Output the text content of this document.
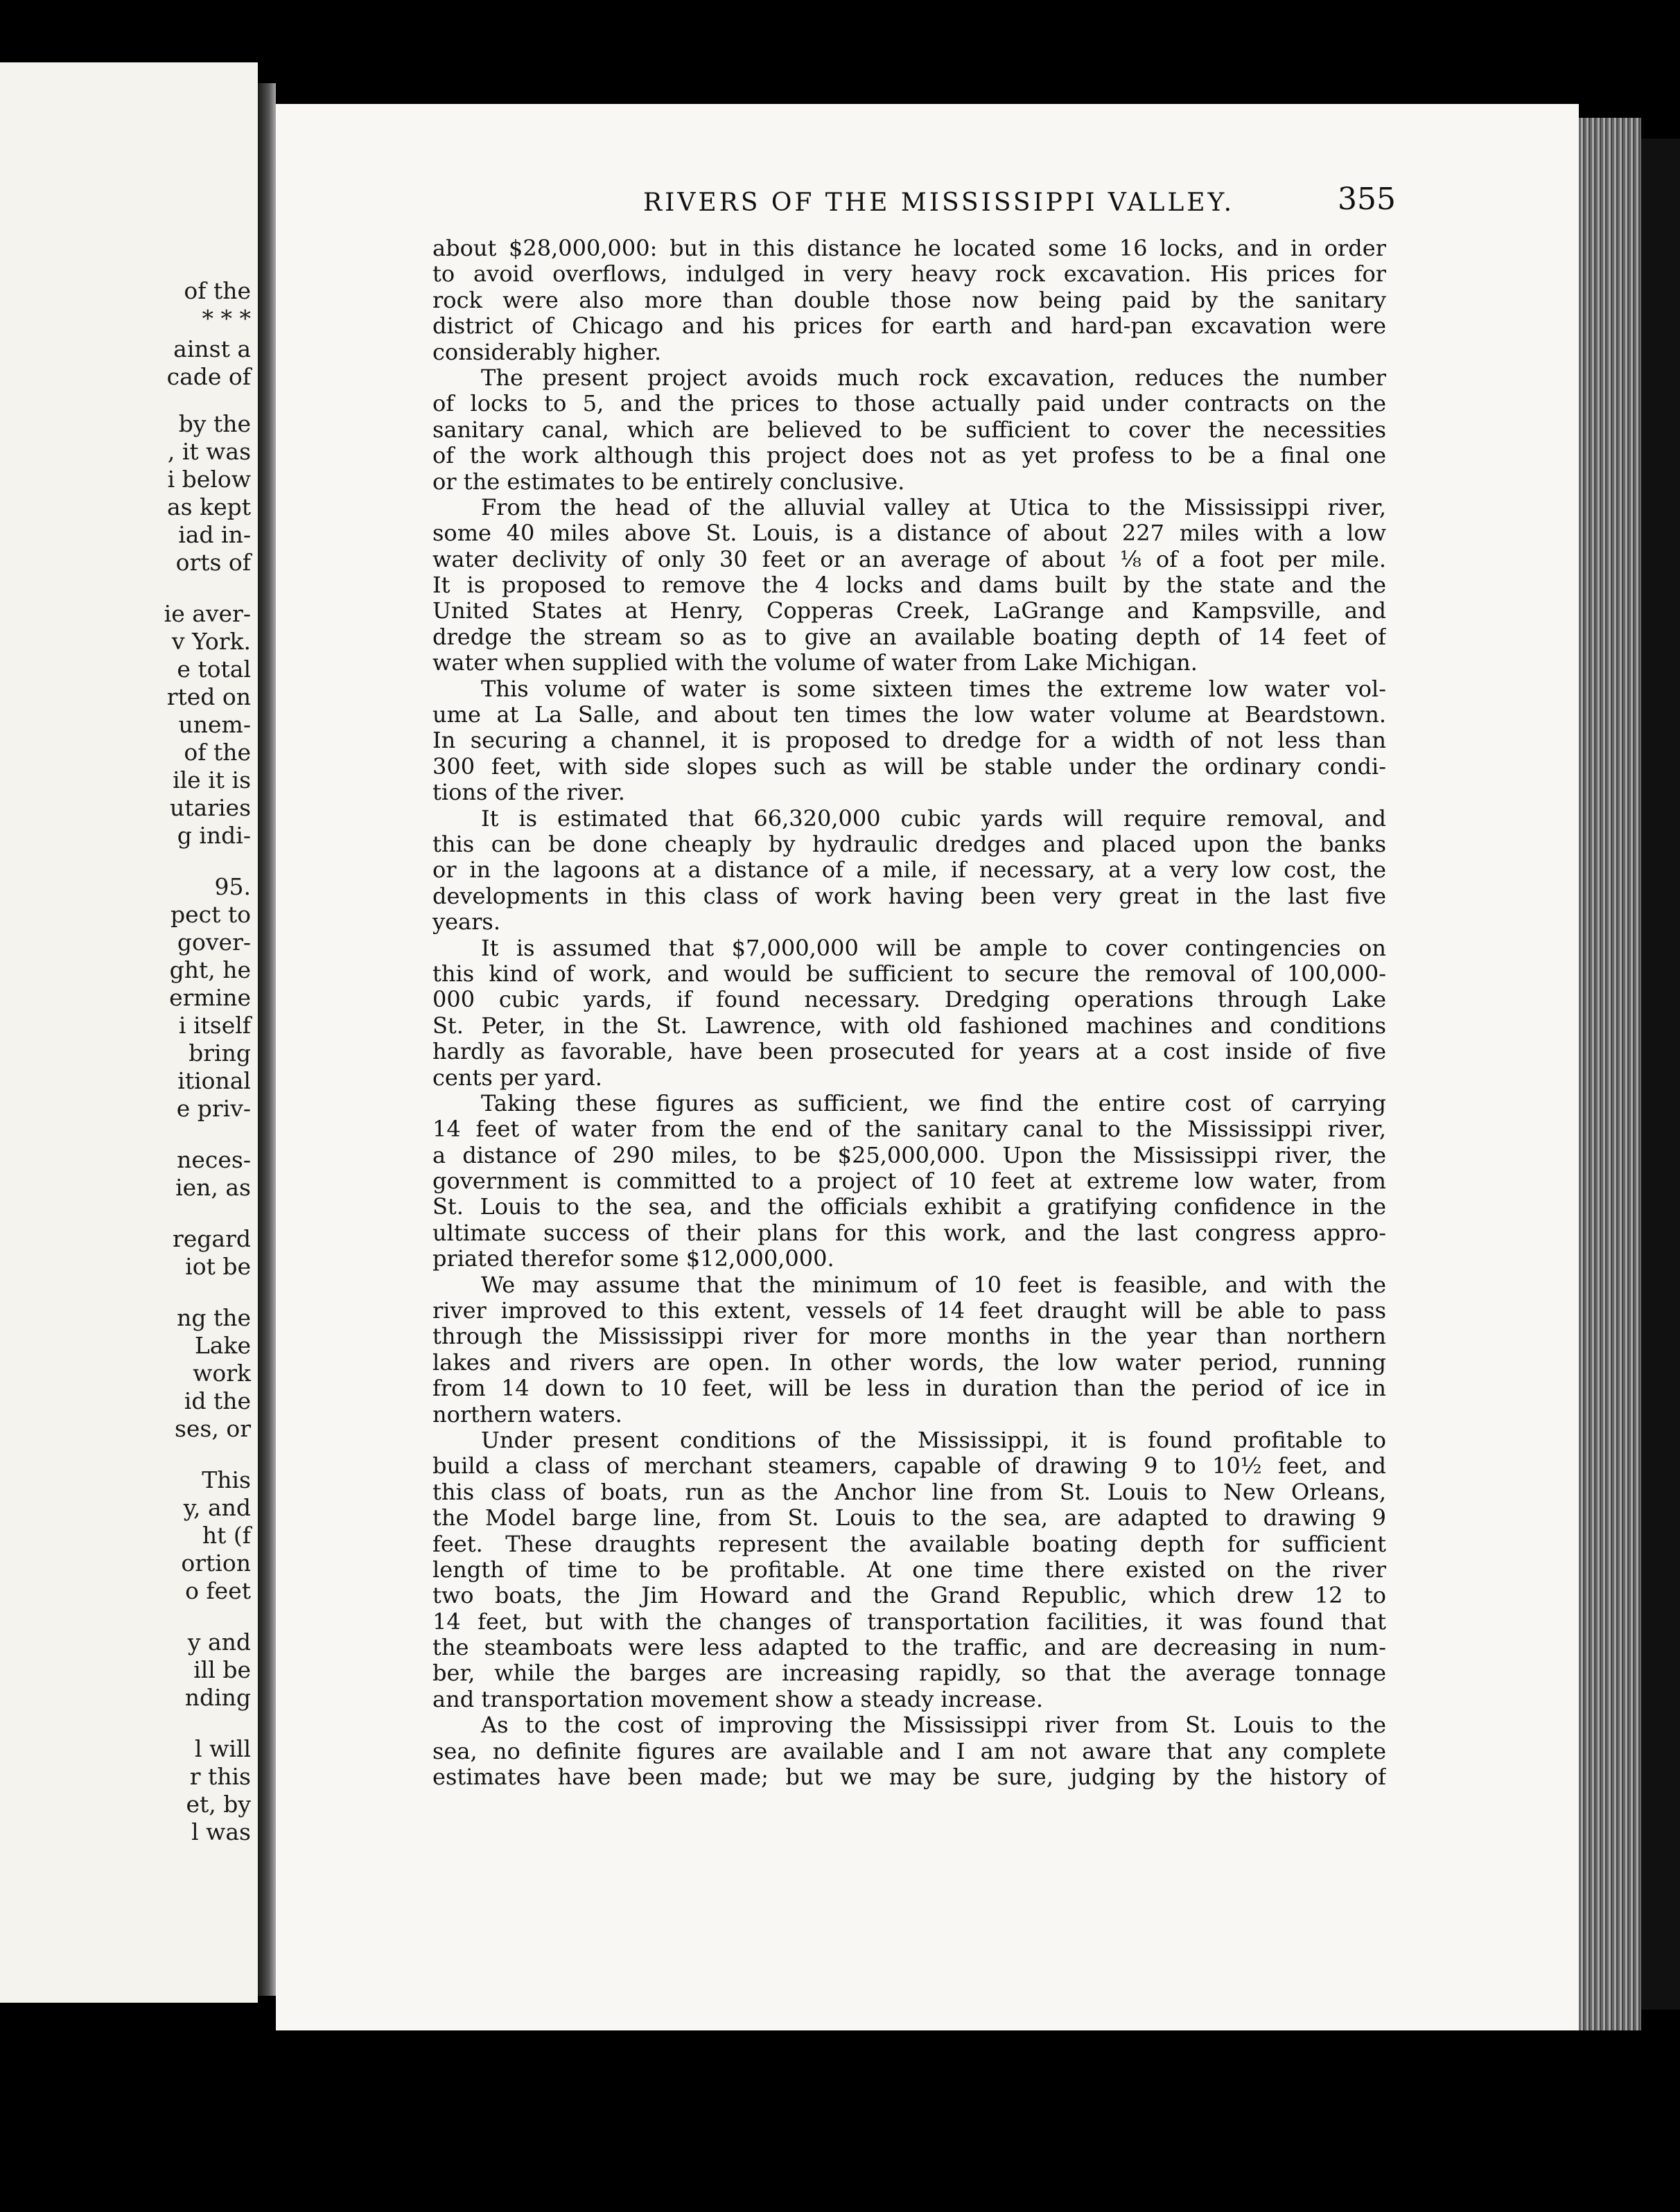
of the
* * *
ainst a
cade of
by the
, it was
i below
as kept
iad in-
orts of
ie aver-
v York.
e total
rted on
unem-
of the
ile it is
utaries
g indi-
95.
pect to
gover-
ght, he
ermine
i itself
bring
itional
e priv-
neces-
ien, as
regard
iot be
ng the
Lake
work
id the
ses, or
This
y, and
ht (f
ortion
o feet
y and
ill be
nding
l will
r this
et, by
l was
RIVERS OF THE MISSISSIPPI VALLEY.	355
about $28,000,000: but in this distance he located some 16 locks, and in order
to avoid overflows, indulged in very heavy rock excavation. His prices for
rock were also more than double those now being paid by the sanitary
district of Chicago and his prices for earth and hard-pan excavation were
considerably higher.
The present project avoids much rock excavation, reduces the number
of locks to 5, and the prices to those actually paid under contracts on the
sanitary canal, which are believed to be sufficient to cover the necessities
of the work although this project does not as yet profess to be a final one
or the estimates to be entirely conclusive.
From the head of the alluvial valley at Utica to the Mississippi river,
some 40 miles above St. Louis, is a distance of about 227 miles with a low
water declivity of only 30 feet or an average of about ⅛ of a foot per mile.
It is proposed to remove the 4 locks and dams built by the state and the
United States at Henry, Copperas Creek, LaGrange and Kampsville, and
dredge the stream so as to give an available boating depth of 14 feet of
water when supplied with the volume of water from Lake Michigan.
This volume of water is some sixteen times the extreme low water vol-
ume at La Salle, and about ten times the low water volume at Beardstown.
In securing a channel, it is proposed to dredge for a width of not less than
300 feet, with side slopes such as will be stable under the ordinary condi-
tions of the river.
It is estimated that 66,320,000 cubic yards will require removal, and
this can be done cheaply by hydraulic dredges and placed upon the banks
or in the lagoons at a distance of a mile, if necessary, at a very low cost, the
developments in this class of work having been very great in the last five
years.
It is assumed that $7,000,000 will be ample to cover contingencies on
this kind of work, and would be sufficient to secure the removal of 100,000-
000 cubic yards, if found necessary. Dredging operations through Lake
St. Peter, in the St. Lawrence, with old fashioned machines and conditions
hardly as favorable, have been prosecuted for years at a cost inside of five
cents per yard.
Taking these figures as sufficient, we find the entire cost of carrying
14 feet of water from the end of the sanitary canal to the Mississippi river,
a distance of 290 miles, to be $25,000,000. Upon the Mississippi river, the
government is committed to a project of 10 feet at extreme low water, from
St. Louis to the sea, and the officials exhibit a gratifying confidence in the
ultimate success of their plans for this work, and the last congress appro-
priated therefor some $12,000,000.
We may assume that the minimum of 10 feet is feasible, and with the
river improved to this extent, vessels of 14 feet draught will be able to pass
through the Mississippi river for more months in the year than northern
lakes and rivers are open. In other words, the low water period, running
from 14 down to 10 feet, will be less in duration than the period of ice in
northern waters.
Under present conditions of the Mississippi, it is found profitable to
build a class of merchant steamers, capable of drawing 9 to 10½ feet, and
this class of boats, run as the Anchor line from St. Louis to New Orleans,
the Model barge line, from St. Louis to the sea, are adapted to drawing 9
feet. These draughts represent the available boating depth for sufficient
length of time to be profitable. At one time there existed on the river
two boats, the Jim Howard and the Grand Republic, which drew 12 to
14 feet, but with the changes of transportation facilities, it was found that
the steamboats were less adapted to the traffic, and are decreasing in num-
ber, while the barges are increasing rapidly, so that the average tonnage
and transportation movement show a steady increase.
As to the cost of improving the Mississippi river from St. Louis to the
sea, no definite figures are available and I am not aware that any complete
estimates have been made; but we may be sure, judging by the history of
